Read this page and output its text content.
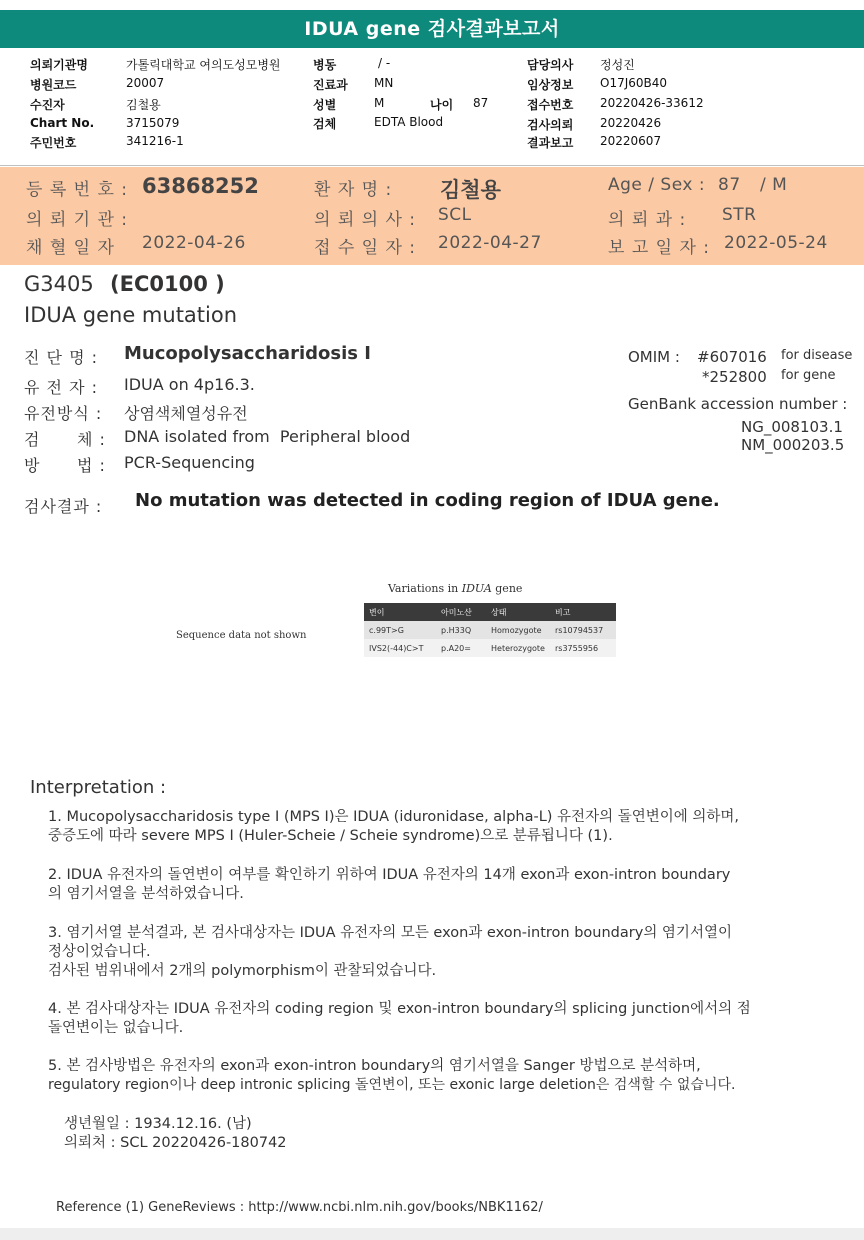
IDUA gene 검사결과보고서
의뢰기관명	가톨릭대학교 여의도성모병원
병원코드	20007
수진자	김철용
Chart No.	3715079
주민번호	341216-1
병동	/ -
진료과 MN
성별	M	나이 87
검체	EDTA Blood
담당의사 정성진
임상정보 O17J60B40
접수번호 20220426-33612
검사의뢰 20220426
결과보고 20220607
등 록 번 호 : 63868252	환 자 명 : 김철용	Age / Sex : 87 / M
의 뢰 기 관 :	의 뢰 의 사 : SCL	의 뢰 과 : STR
채 혈 일 자 2022-04-26	접 수 일 자 : 2022-04-27	보 고 일 자 : 2022-05-24
G3405 (EC0100 )
IDUA gene mutation
진 단 명 : Mucopolysaccharidosis I
유 전 자 : IDUA on 4p16.3.
유전방식 : 상염색체열성유전
검      체 : DNA isolated from  Peripheral blood
방      법 : PCR-Sequencing
OMIM : #607016 for disease
*252800 for gene
GenBank accession number :
NG_008103.1
NM_000203.5
검사결과 : No mutation was detected in coding region of IDUA gene.
Sequence data not shown
Variations in IDUA gene
변이	아미노산	상태	비고
c.99T>G	p.H33Q	Homozygote	rs10794537
IVS2(-44)C>T	p.A20=	Heterozygote	rs3755956
Interpretation :
1. Mucopolysaccharidosis type I (MPS I)은 IDUA (iduronidase, alpha-L) 유전자의 돌연변이에 의하며,
중증도에 따라 severe MPS I (Huler-Scheie / Scheie syndrome)으로 분류됩니다 (1).
2. IDUA 유전자의 돌연변이 여부를 확인하기 위하여 IDUA 유전자의 14개 exon과 exon-intron boundary
의 염기서열을 분석하였습니다.
3. 염기서열 분석결과, 본 검사대상자는 IDUA 유전자의 모든 exon과 exon-intron boundary의 염기서열이
정상이었습니다.
검사된 범위내에서 2개의 polymorphism이 관찰되었습니다.
4. 본 검사대상자는 IDUA 유전자의 coding region 및 exon-intron boundary의 splicing junction에서의 점
돌연변이는 없습니다.
5. 본 검사방법은 유전자의 exon과 exon-intron boundary의 염기서열을 Sanger 방법으로 분석하며,
regulatory region이나 deep intronic splicing 돌연변이, 또는 exonic large deletion은 검색할 수 없습니다.
생년월일 : 1934.12.16. (남)
의뢰처 : SCL 20220426-180742
Reference (1) GeneReviews : http://www.ncbi.nlm.nih.gov/books/NBK1162/
